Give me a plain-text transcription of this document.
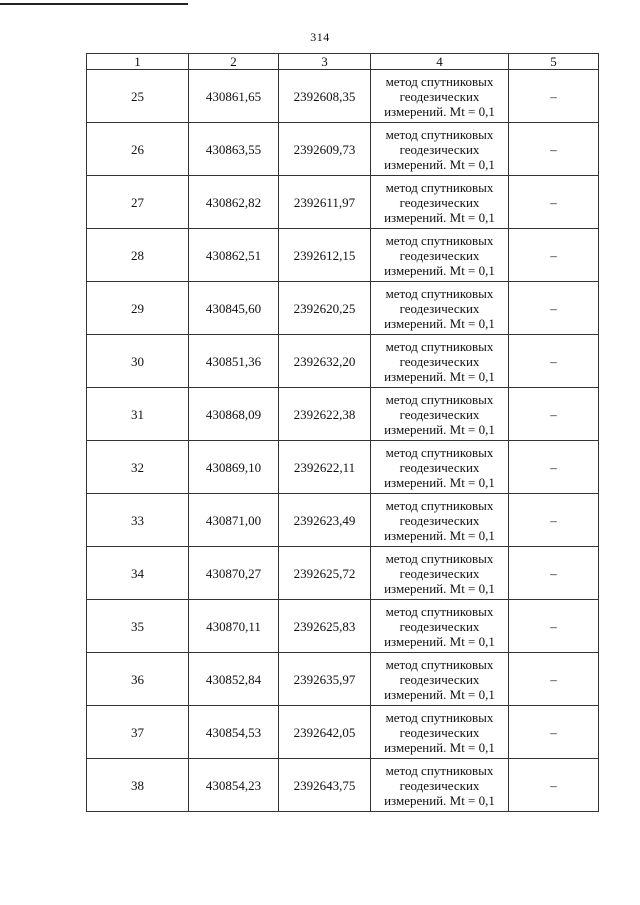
314
1	2	3	4	5
25	430861,65	2392608,35	метод спутниковых
геодезических
измерений. Mt = 0,1	–
26	430863,55	2392609,73	метод спутниковых
геодезических
измерений. Mt = 0,1	–
27	430862,82	2392611,97	метод спутниковых
геодезических
измерений. Mt = 0,1	–
28	430862,51	2392612,15	метод спутниковых
геодезических
измерений. Mt = 0,1	–
29	430845,60	2392620,25	метод спутниковых
геодезических
измерений. Mt = 0,1	–
30	430851,36	2392632,20	метод спутниковых
геодезических
измерений. Mt = 0,1	–
31	430868,09	2392622,38	метод спутниковых
геодезических
измерений. Mt = 0,1	–
32	430869,10	2392622,11	метод спутниковых
геодезических
измерений. Mt = 0,1	–
33	430871,00	2392623,49	метод спутниковых
геодезических
измерений. Mt = 0,1	–
34	430870,27	2392625,72	метод спутниковых
геодезических
измерений. Mt = 0,1	–
35	430870,11	2392625,83	метод спутниковых
геодезических
измерений. Mt = 0,1	–
36	430852,84	2392635,97	метод спутниковых
геодезических
измерений. Mt = 0,1	–
37	430854,53	2392642,05	метод спутниковых
геодезических
измерений. Mt = 0,1	–
38	430854,23	2392643,75	метод спутниковых
геодезических
измерений. Mt = 0,1	–
